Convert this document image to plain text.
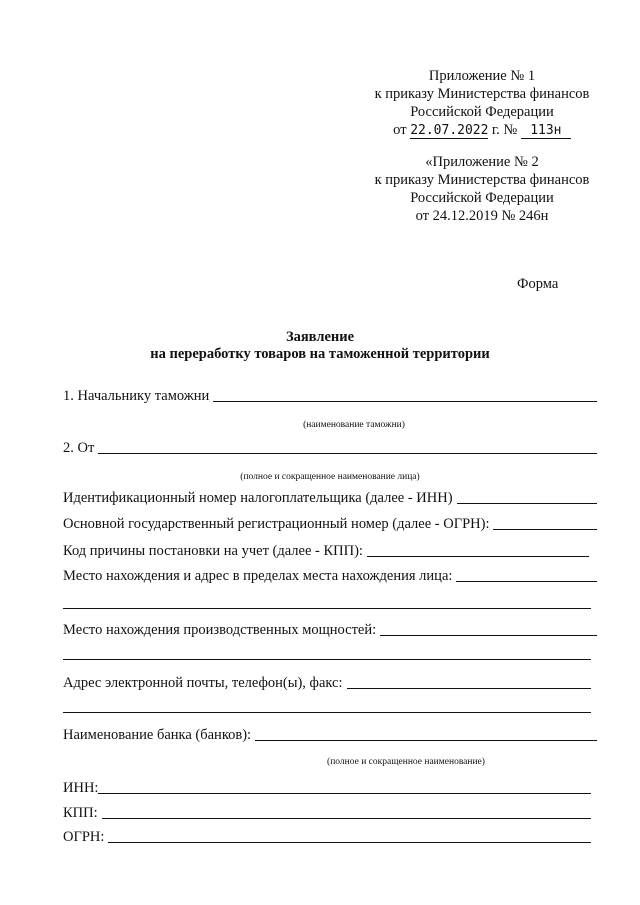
Приложение № 1
к приказу Министерства финансов
Российской Федерации
от 22.07.2022 г. № 113н
«Приложение № 2
к приказу Министерства финансов
Российской Федерации
от 24.12.2019 № 246н
Форма
Заявление
на переработку товаров на таможенной территории
1. Начальнику таможни
(наименование таможни)
2. От
(полное и сокращенное наименование лица)
Идентификационный номер налогоплательщика (далее - ИНН)
Основной государственный регистрационный номер (далее - ОГРН):
Код причины постановки на учет (далее - КПП):
Место нахождения и адрес в пределах места нахождения лица:
Место нахождения производственных мощностей:
Адрес электронной почты, телефон(ы), факс:
Наименование банка (банков):
(полное и сокращенное наименование)
ИНН:
КПП:
ОГРН:
